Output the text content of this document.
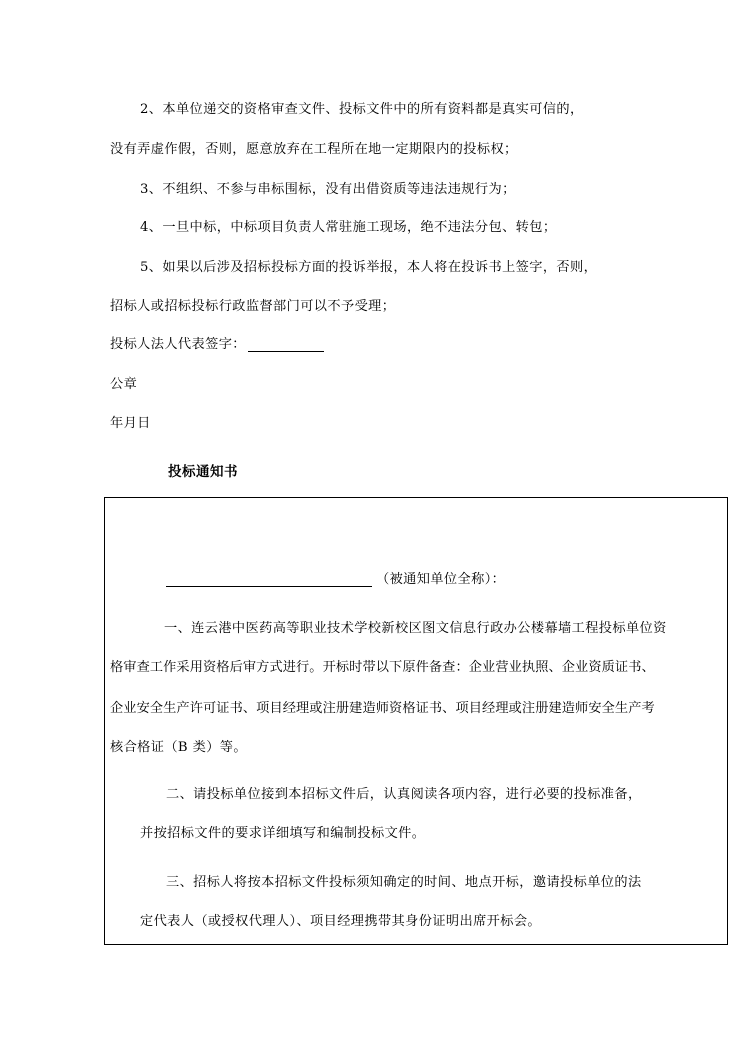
2、本单位递交的资格审查文件、投标文件中的所有资料都是真实可信的，
没有弄虚作假，否则，愿意放弃在工程所在地一定期限内的投标权；
3、不组织、不参与串标围标，没有出借资质等违法违规行为；
4、一旦中标，中标项目负责人常驻施工现场，绝不违法分包、转包；
5、如果以后涉及招标投标方面的投诉举报，本人将在投诉书上签字，否则，
招标人或招标投标行政监督部门可以不予受理；
投标人法人代表签字：
公章
年月日
投标通知书
（被通知单位全称）：
一、连云港中医药高等职业技术学校新校区图文信息行政办公楼幕墙工程投标单位资
格审查工作采用资格后审方式进行。开标时带以下原件备查：企业营业执照、企业资质证书、
企业安全生产许可证书、项目经理或注册建造师资格证书、项目经理或注册建造师安全生产考
核合格证（B 类）等。
二、请投标单位接到本招标文件后，认真阅读各项内容，进行必要的投标准备，
并按招标文件的要求详细填写和编制投标文件。
三、招标人将按本招标文件投标须知确定的时间、地点开标，邀请投标单位的法
定代表人（或授权代理人）、项目经理携带其身份证明出席开标会。
